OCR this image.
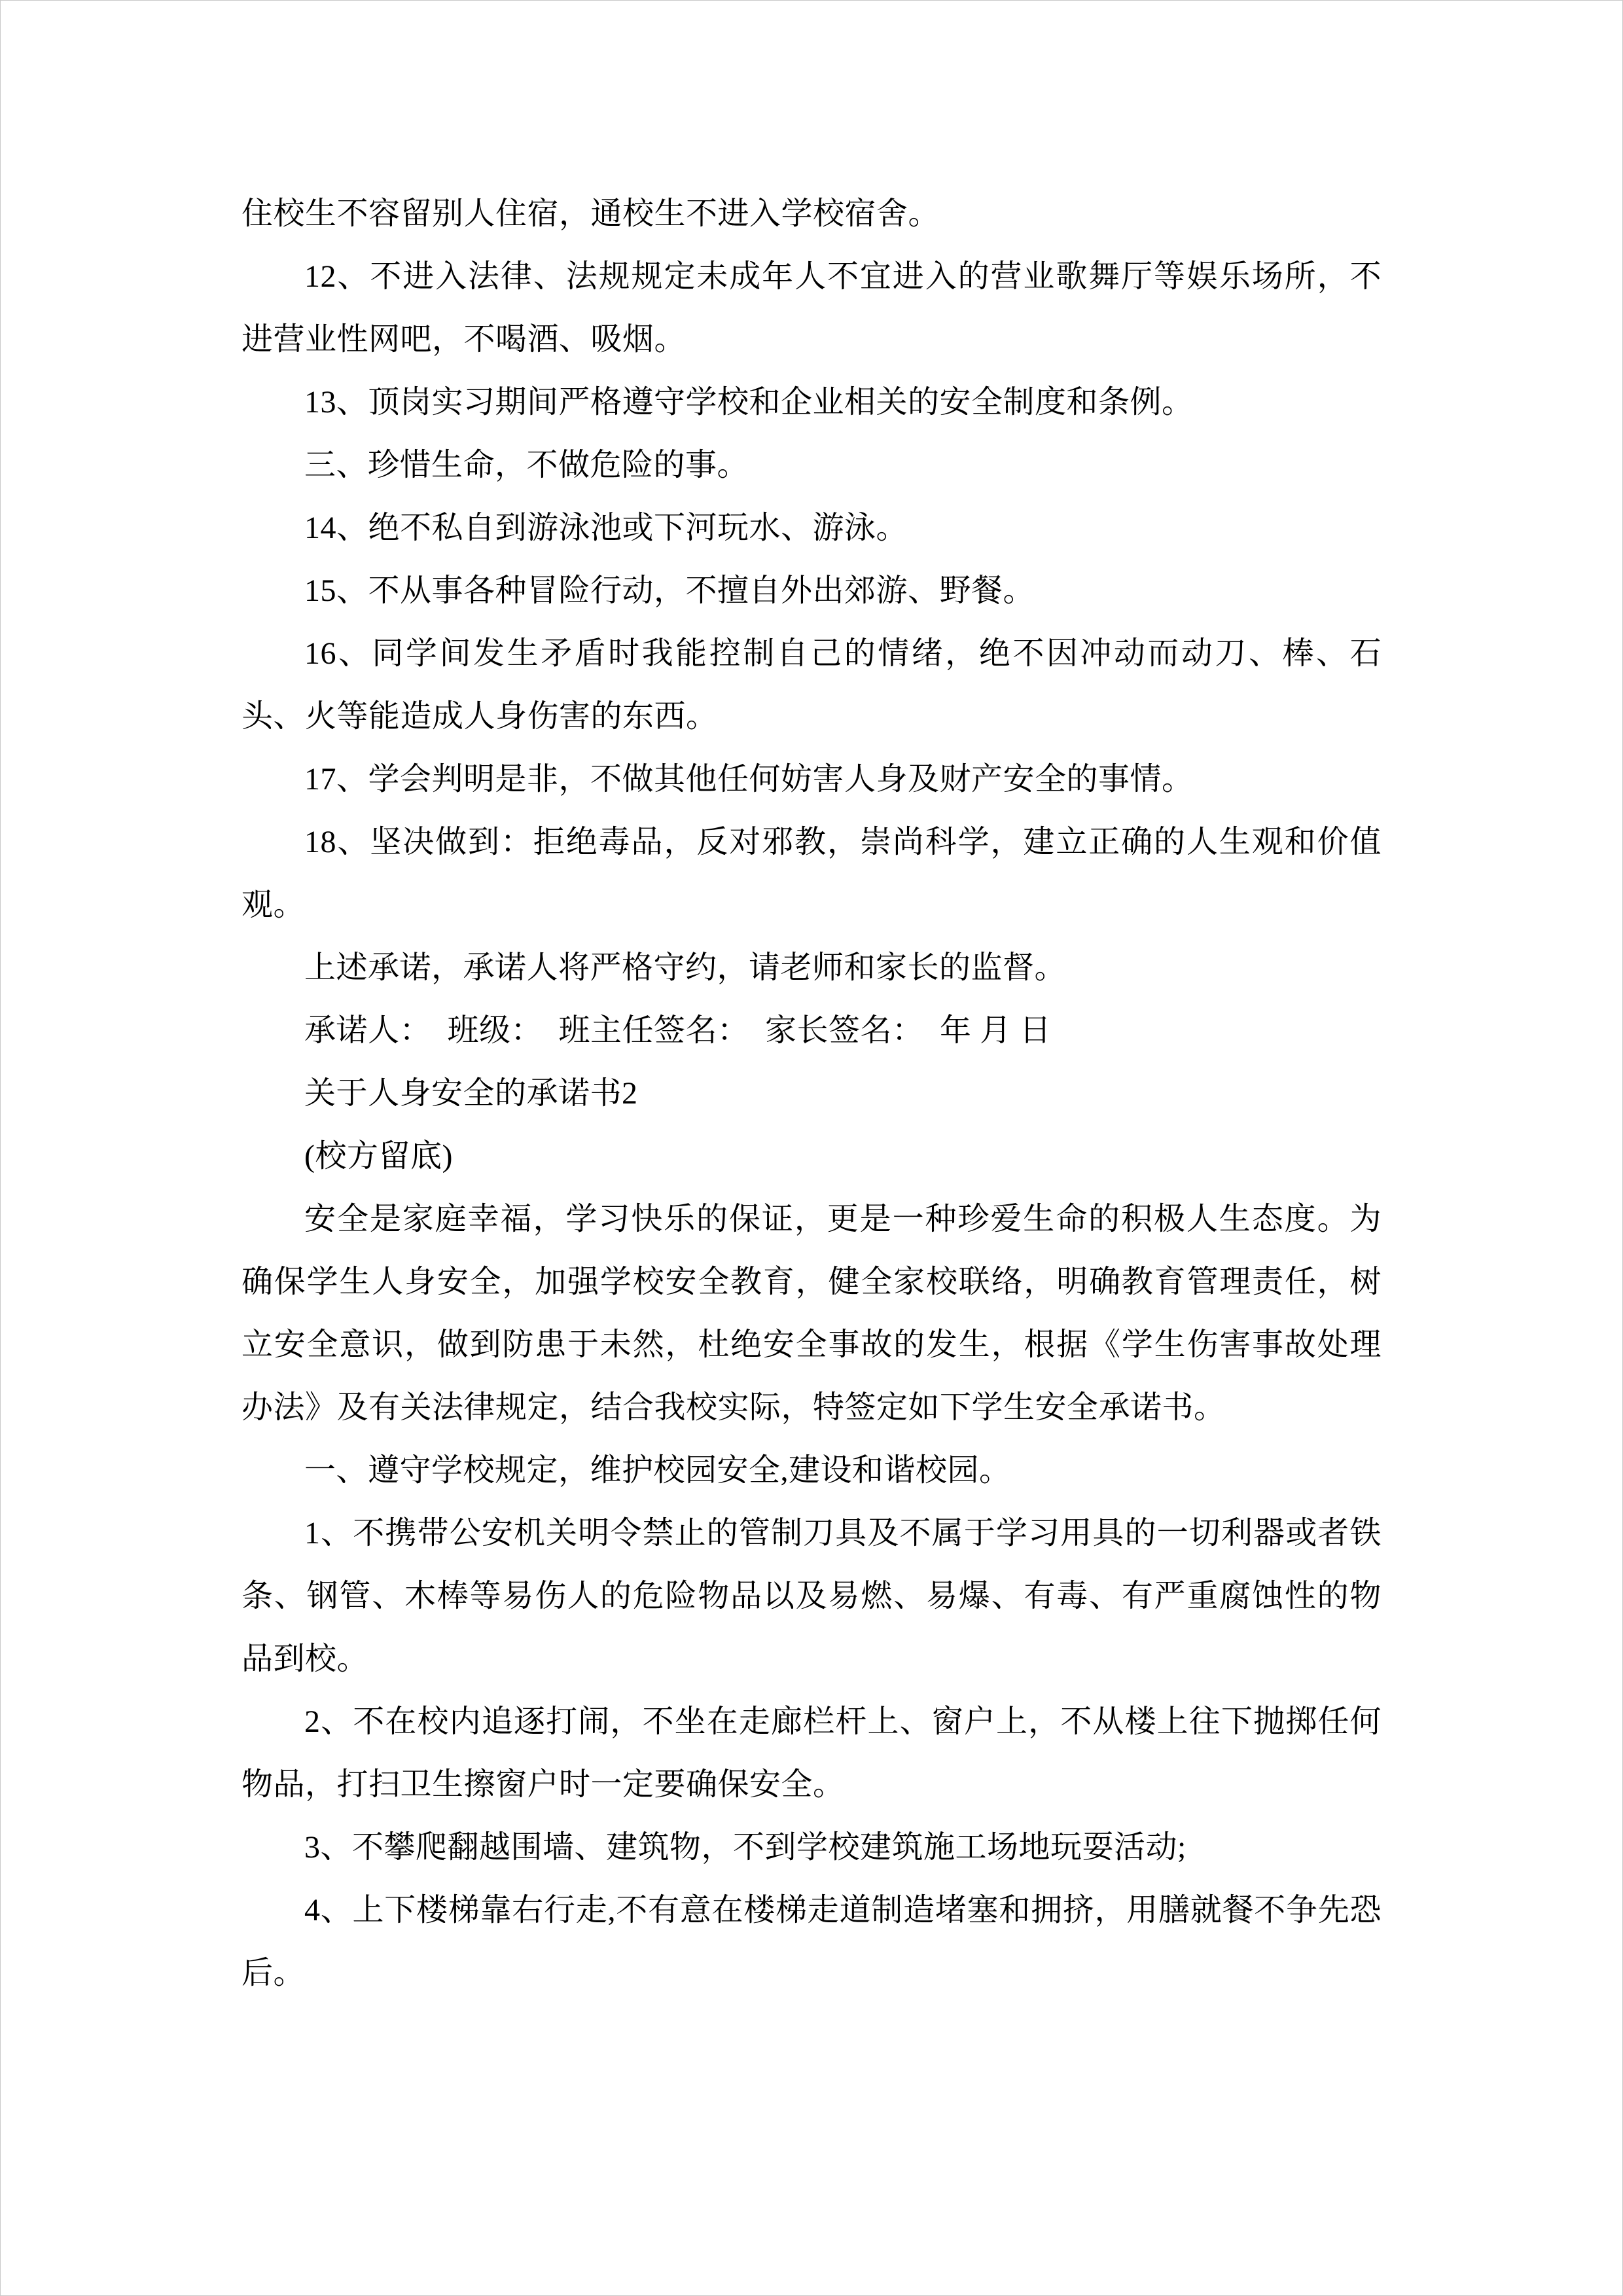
住校生不容留别人住宿，通校生不进入学校宿舍。

12、不进入法律、法规规定未成年人不宜进入的营业歌舞厅等娱乐场所，不进营业性网吧，不喝酒、吸烟。

13、顶岗实习期间严格遵守学校和企业相关的安全制度和条例。

三、珍惜生命，不做危险的事。

14、绝不私自到游泳池或下河玩水、游泳。

15、不从事各种冒险行动，不擅自外出郊游、野餐。

16、同学间发生矛盾时我能控制自己的情绪，绝不因冲动而动刀、棒、石头、火等能造成人身伤害的东西。

17、学会判明是非，不做其他任何妨害人身及财产安全的事情。

18、坚决做到：拒绝毒品，反对邪教，崇尚科学，建立正确的人生观和价值观。

上述承诺，承诺人将严格守约，请老师和家长的监督。

承诺人：　班级：　班主任签名：　家长签名：　年 月 日

关于人身安全的承诺书2

(校方留底)

安全是家庭幸福，学习快乐的保证，更是一种珍爱生命的积极人生态度。为确保学生人身安全，加强学校安全教育，健全家校联络，明确教育管理责任，树立安全意识，做到防患于未然，杜绝安全事故的发生，根据《学生伤害事故处理办法》及有关法律规定，结合我校实际，特签定如下学生安全承诺书。

一、遵守学校规定，维护校园安全,建设和谐校园。

1、不携带公安机关明令禁止的管制刀具及不属于学习用具的一切利器或者铁条、钢管、木棒等易伤人的危险物品以及易燃、易爆、有毒、有严重腐蚀性的物品到校。

2、不在校内追逐打闹，不坐在走廊栏杆上、窗户上，不从楼上往下抛掷任何物品，打扫卫生擦窗户时一定要确保安全。

3、不攀爬翻越围墙、建筑物，不到学校建筑施工场地玩耍活动;

4、上下楼梯靠右行走,不有意在楼梯走道制造堵塞和拥挤，用膳就餐不争先恐后。
